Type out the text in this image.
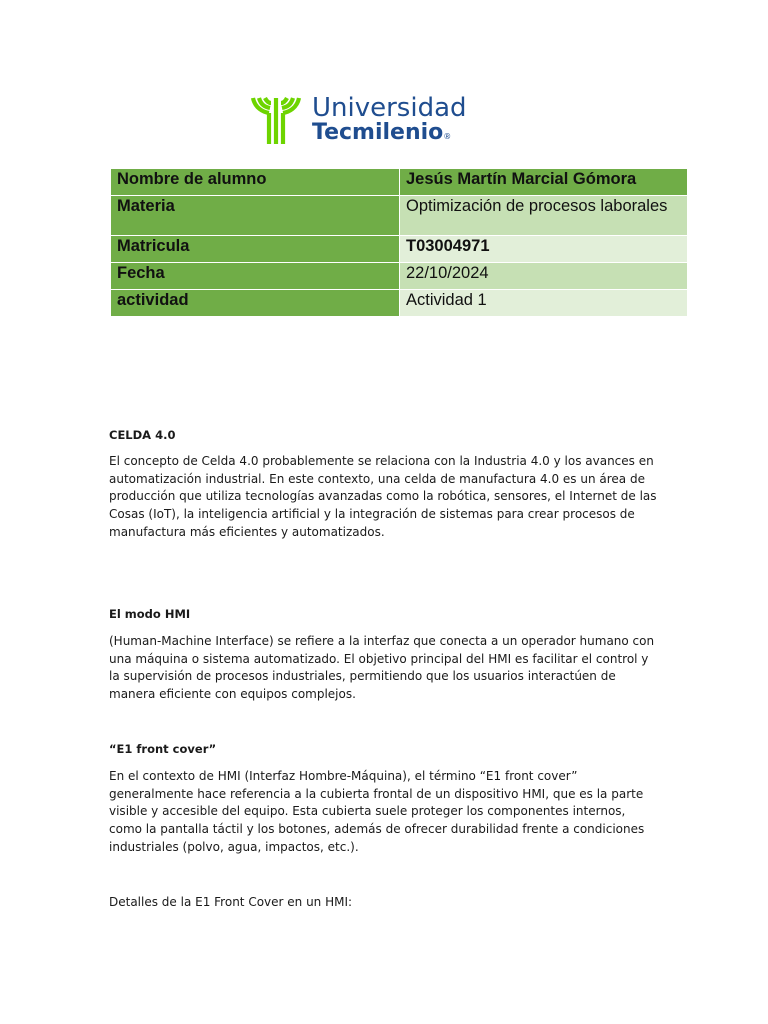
Universidad
Tecmilenio®
Nombre de alumno	Jesús Martín Marcial Gómora
Materia	Optimización de procesos laborales
Matricula	T03004971
Fecha	22/10/2024
actividad	Actividad 1
CELDA 4.0
El concepto de Celda 4.0 probablemente se relaciona con la Industria 4.0 y los avances en automatización industrial. En este contexto, una celda de manufactura 4.0 es un área de producción que utiliza tecnologías avanzadas como la robótica, sensores, el Internet de las Cosas (IoT), la inteligencia artificial y la integración de sistemas para crear procesos de manufactura más eficientes y automatizados.
El modo HMI
(Human-Machine Interface) se refiere a la interfaz que conecta a un operador humano con una máquina o sistema automatizado. El objetivo principal del HMI es facilitar el control y la supervisión de procesos industriales, permitiendo que los usuarios interactúen de manera eficiente con equipos complejos.
“E1 front cover”
En el contexto de HMI (Interfaz Hombre-Máquina), el término “E1 front cover” generalmente hace referencia a la cubierta frontal de un dispositivo HMI, que es la parte visible y accesible del equipo. Esta cubierta suele proteger los componentes internos, como la pantalla táctil y los botones, además de ofrecer durabilidad frente a condiciones industriales (polvo, agua, impactos, etc.).
Detalles de la E1 Front Cover en un HMI:
